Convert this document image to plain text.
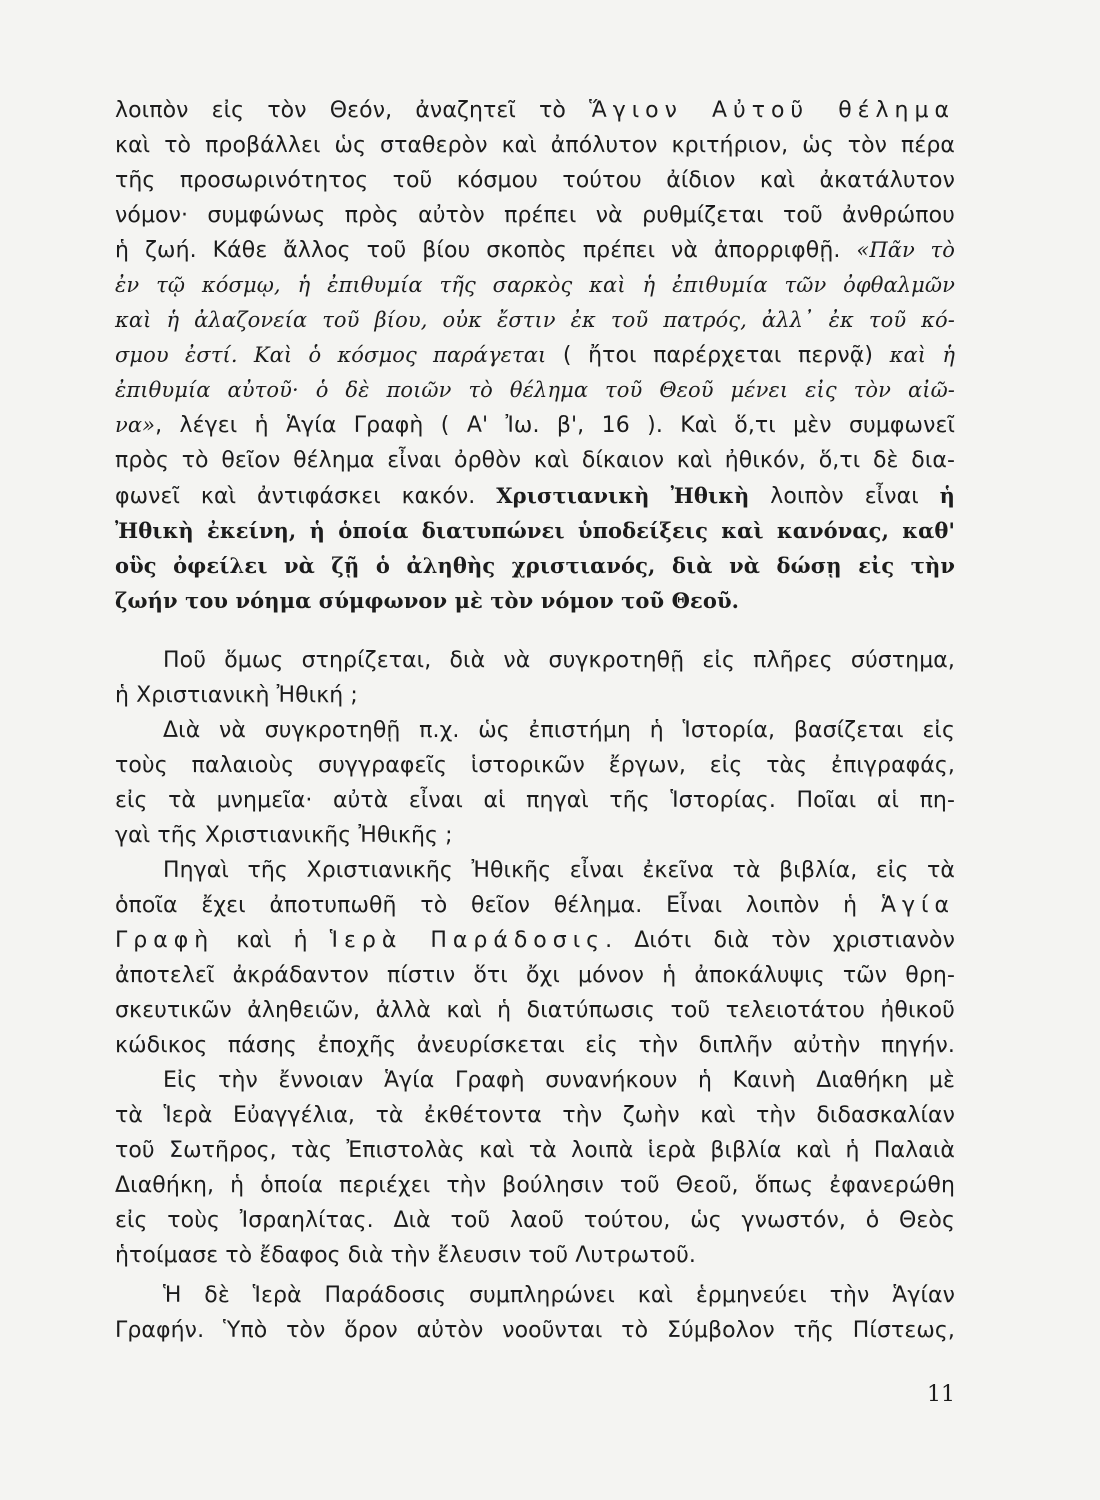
λοιπὸν εἰς τὸν Θεόν, ἀναζητεῖ τὸ Ἅγιον Αὐτοῦ θέλημα
καὶ τὸ προβάλλει ὡς σταθερὸν καὶ ἀπόλυτον κριτήριον, ὡς τὸν πέρα
τῆς προσωρινότητος τοῦ κόσμου τούτου ἀίδιον καὶ ἀκατάλυτον
νόμον· συμφώνως πρὸς αὐτὸν πρέπει νὰ ρυθμίζεται τοῦ ἀνθρώπου
ἡ ζωή. Κάθε ἄλλος τοῦ βίου σκοπὸς πρέπει νὰ ἀπορριφθῇ. «Πᾶν τὸ
ἐν τῷ κόσμῳ, ἡ ἐπιθυμία τῆς σαρκὸς καὶ ἡ ἐπιθυμία τῶν ὀφθαλμῶν
καὶ ἡ ἀλαζονεία τοῦ βίου, οὐκ ἔστιν ἐκ τοῦ πατρός, ἀλλ᾽ ἐκ τοῦ κό-
σμου ἐστί. Καὶ ὁ κόσμος παράγεται ( ἤτοι παρέρχεται περνᾷ) καὶ ἡ
ἐπιθυμία αὐτοῦ· ὁ δὲ ποιῶν τὸ θέλημα τοῦ Θεοῦ μένει εἰς τὸν αἰῶ-
να», λέγει ἡ Ἁγία Γραφὴ ( Α' Ἰω. β', 16 ). Καὶ ὅ,τι μὲν συμφωνεῖ
πρὸς τὸ θεῖον θέλημα εἶναι ὀρθὸν καὶ δίκαιον καὶ ἠθικόν, ὅ,τι δὲ δια-
φωνεῖ καὶ ἀντιφάσκει κακόν. Χριστιανικὴ Ἠθικὴ λοιπὸν εἶναι ἡ
Ἠθικὴ ἐκείνη, ἡ ὁποία διατυπώνει ὑποδείξεις καὶ κανόνας, καθ'
οὓς ὀφείλει νὰ ζῇ ὁ ἀληθὴς χριστιανός, διὰ νὰ δώσῃ εἰς τὴν
ζωήν του νόημα σύμφωνον μὲ τὸν νόμον τοῦ Θεοῦ.
Ποῦ ὅμως στηρίζεται, διὰ νὰ συγκροτηθῇ εἰς πλῆρες σύστημα,
ἡ Χριστιανικὴ Ἠθική ;
Διὰ νὰ συγκροτηθῇ π.χ. ὡς ἐπιστήμη ἡ Ἱστορία, βασίζεται εἰς
τοὺς παλαιοὺς συγγραφεῖς ἱστορικῶν ἔργων, εἰς τὰς ἐπιγραφάς,
εἰς τὰ μνημεῖα· αὐτὰ εἶναι αἱ πηγαὶ τῆς Ἱστορίας. Ποῖαι αἱ πη-
γαὶ τῆς Χριστιανικῆς Ἠθικῆς ;
Πηγαὶ τῆς Χριστιανικῆς Ἠθικῆς εἶναι ἐκεῖνα τὰ βιβλία, εἰς τὰ
ὁποῖα ἔχει ἀποτυπωθῆ τὸ θεῖον θέλημα. Εἶναι λοιπὸν ἡ Ἁγία
Γραφὴ καὶ ἡ Ἱερὰ Παράδοσις. Διότι διὰ τὸν χριστιανὸν
ἀποτελεῖ ἀκράδαντον πίστιν ὅτι ὄχι μόνον ἡ ἀποκάλυψις τῶν θρη-
σκευτικῶν ἀληθειῶν, ἀλλὰ καὶ ἡ διατύπωσις τοῦ τελειοτάτου ἠθικοῦ
κώδικος πάσης ἐποχῆς ἀνευρίσκεται εἰς τὴν διπλῆν αὐτὴν πηγήν.
Εἰς τὴν ἔννοιαν Ἁγία Γραφὴ συνανήκουν ἡ Καινὴ Διαθήκη μὲ
τὰ Ἱερὰ Εὐαγγέλια, τὰ ἐκθέτοντα τὴν ζωὴν καὶ τὴν διδασκαλίαν
τοῦ Σωτῆρος, τὰς Ἐπιστολὰς καὶ τὰ λοιπὰ ἱερὰ βιβλία καὶ ἡ Παλαιὰ
Διαθήκη, ἡ ὁποία περιέχει τὴν βούλησιν τοῦ Θεοῦ, ὅπως ἐφανερώθη
εἰς τοὺς Ἰσραηλίτας. Διὰ τοῦ λαοῦ τούτου, ὡς γνωστόν, ὁ Θεὸς
ἡτοίμασε τὸ ἔδαφος διὰ τὴν ἔλευσιν τοῦ Λυτρωτοῦ.
Ἡ δὲ Ἱερὰ Παράδοσις συμπληρώνει καὶ ἑρμηνεύει τὴν Ἁγίαν
Γραφήν. Ὑπὸ τὸν ὅρον αὐτὸν νοοῦνται τὸ Σύμβολον τῆς Πίστεως,
11
